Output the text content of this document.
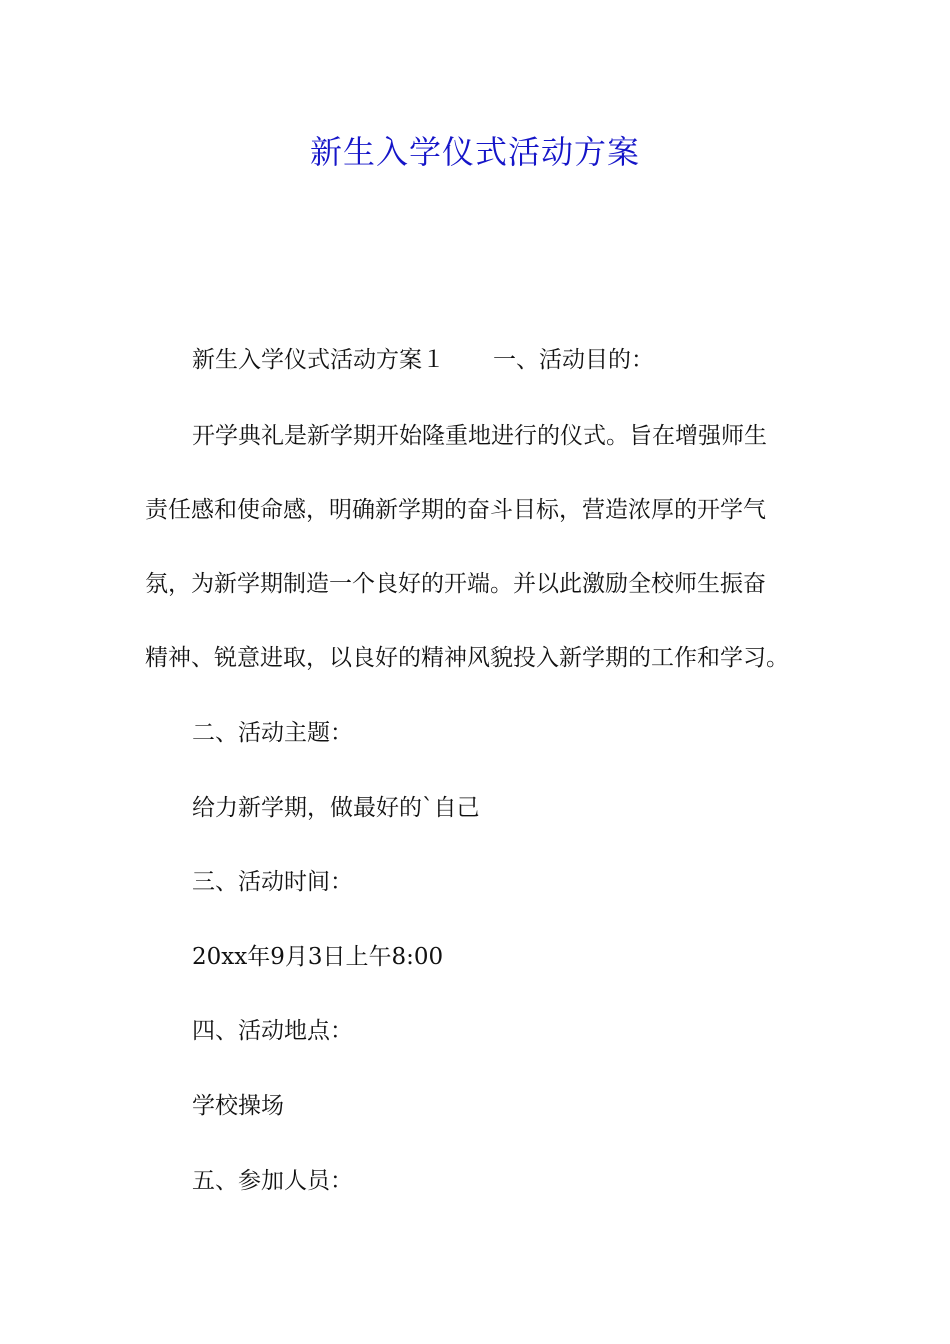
新生入学仪式活动方案
新生入学仪式活动方案１ 一、活动目的：
开学典礼是新学期开始隆重地进行的仪式。旨在增强师生
责任感和使命感，明确新学期的奋斗目标，营造浓厚的开学气
氛，为新学期制造一个良好的开端。并以此激励全校师生振奋
精神、锐意进取，以良好的精神风貌投入新学期的工作和学习。
二、活动主题：
给力新学期，做最好的`自己
三、活动时间：
20xx年9月3日上午8:00
四、活动地点：
学校操场
五、参加人员：
